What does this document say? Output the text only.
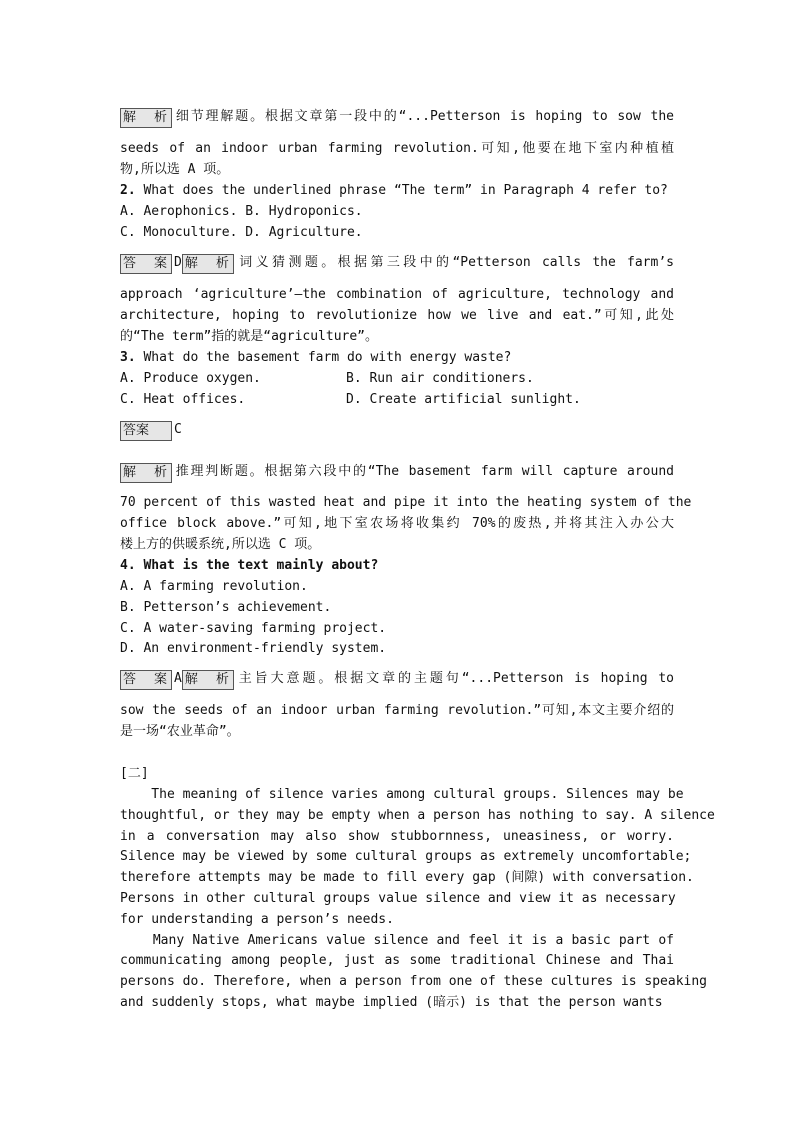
解析 细节理解题。根据文章第一段中的“...Petterson is hoping to sow the
seeds of an indoor urban farming revolution.可知,他要在地下室内种植植
物,所以选 A 项。
2. What does the underlined phrase “The term” in Paragraph 4 refer to?
A. Aerophonics. B. Hydroponics.
C. Monoculture. D. Agriculture.
答案 D 解析 词义猜测题。根据第三段中的“Petterson calls the farm’s
approach ‘agriculture’—the combination of agriculture, technology and
architecture, hoping to revolutionize how we live and eat.”可知,此处
的“The term”指的就是“agriculture”。
3. What do the basement farm do with energy waste?
A. Produce oxygen.	B. Run air conditioners.
C. Heat offices.	D. Create artificial sunlight.
答案 C
解析 推理判断题。根据第六段中的“The basement farm will capture around
70 percent of this wasted heat and pipe it into the heating system of the
office block above.”可知,地下室农场将收集约 70%的废热,并将其注入办公大
楼上方的供暖系统,所以选 C 项。
4. What is the text mainly about?
A. A farming revolution.
B. Petterson’s achievement.
C. A water-saving farming project.
D. An environment-friendly system.
答案 A 解析 主旨大意题。根据文章的主题句“...Petterson is hoping to
sow the seeds of an indoor urban farming revolution.”可知,本文主要介绍的
是一场“农业革命”。
[二]
The meaning of silence varies among cultural groups. Silences may be
thoughtful, or they may be empty when a person has nothing to say. A silence
in a conversation may also show stubbornness, uneasiness, or worry.
Silence may be viewed by some cultural groups as extremely uncomfortable;
therefore attempts may be made to fill every gap (间隙) with conversation.
Persons in other cultural groups value silence and view it as necessary
for understanding a person’s needs.
Many Native Americans value silence and feel it is a basic part of
communicating among people, just as some traditional Chinese and Thai
persons do. Therefore, when a person from one of these cultures is speaking
and suddenly stops, what maybe implied (暗示) is that the person wants
